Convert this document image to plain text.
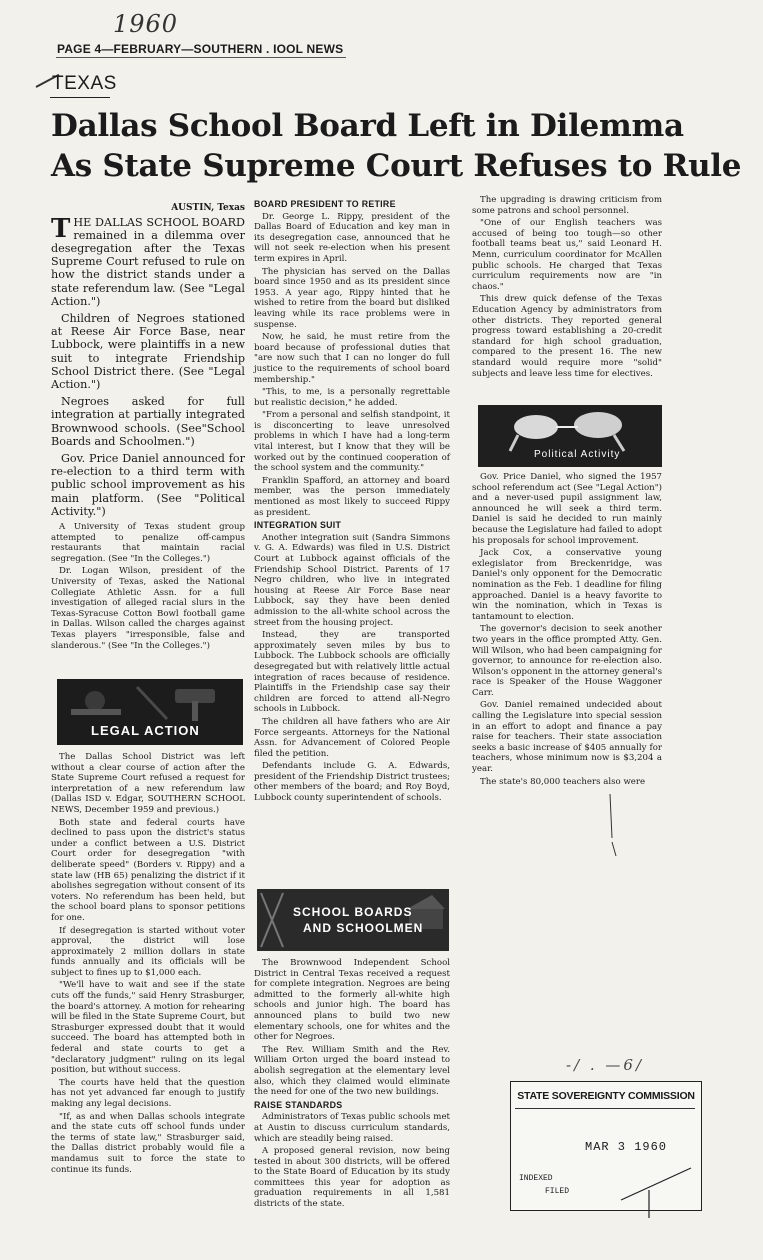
1960
PAGE 4—FEBRUARY—SOUTHERN . IOOL NEWS
TEXAS
Dallas School Board Left in Dilemma
As State Supreme Court Refuses to Rule
AUSTIN, Texas

THE DALLAS SCHOOL BOARD remained in a dilemma over desegregation after the Texas Supreme Court refused to rule on how the district stands under a state referendum law. (See "Legal Action.")

Children of Negroes stationed at Reese Air Force Base, near Lubbock, were plaintiffs in a new suit to integrate Friendship School District there. (See "Legal Action.")

Negroes asked for full integration at partially integrated Brownwood schools. (See"School Boards and Schoolmen.")

Gov. Price Daniel announced for re-election to a third term with public school improvement as his main platform. (See "Political Activity.")

A University of Texas student group attempted to penalize off-campus restaurants that maintain racial segregation. (See "In the Colleges.")

Dr. Logan Wilson, president of the University of Texas, asked the National Collegiate Athletic Assn. for a full investigation of alleged racial slurs in the Texas-Syracuse Cotton Bowl football game in Dallas. Wilson called the charges against Texas players "irresponsible, false and slanderous." (See "In the Colleges.")

LEGAL ACTION

The Dallas School District was left without a clear course of action after the State Supreme Court refused a request for interpretation of a new referendum law (Dallas ISD v. Edgar, SOUTHERN SCHOOL NEWS, December 1959 and previous.)

Both state and federal courts have declined to pass upon the district's status under a conflict between a U.S. District Court order for desegregation "with deliberate speed" (Borders v. Rippy) and a state law (HB 65) penalizing the district if it abolishes segregation without consent of its voters. No referendum has been held, but the school board plans to sponsor petitions for one.

If desegregation is started without voter approval, the district will lose approximately 2 million dollars in state funds annually and its officials will be subject to fines up to $1,000 each.

"We'll have to wait and see if the state cuts off the funds," said Henry Strasburger, the board's attorney. A motion for rehearing will be filed in the State Supreme Court, but Strasburger expressed doubt that it would succeed. The board has attempted both in federal and state courts to get a "declaratory judgment" ruling on its legal position, but without success.

The courts have held that the question has not yet advanced far enough to justify making any legal decisions.

"If, as and when Dallas schools integrate and the state cuts off school funds under the terms of state law," Strasburger said, the Dallas district probably would file a mandamus suit to force the state to continue its funds.

BOARD PRESIDENT TO RETIRE

Dr. George L. Rippy, president of the Dallas Board of Education and key man in its desegregation case, announced that he will not seek re-election when his present term expires in April.

The physician has served on the Dallas board since 1950 and as its president since 1953. A year ago, Rippy hinted that he wished to retire from the board but disliked leaving while its race problems were in suspense.

Now, he said, he must retire from the board because of professional duties that "are now such that I can no longer do full justice to the requirements of school board membership."

"This, to me, is a personally regrettable but realistic decision," he added.

"From a personal and selfish standpoint, it is disconcerting to leave unresolved problems in which I have had a long-term vital interest, but I know that they will be worked out by the continued cooperation of the school system and the community."

Franklin Spafford, an attorney and board member, was the person immediately mentioned as most likely to succeed Rippy as president.

INTEGRATION SUIT

Another integration suit (Sandra Simmons v. G. A. Edwards) was filed in U.S. District Court at Lubbock against officials of the Friendship School District. Parents of 17 Negro children, who live in integrated housing at Reese Air Force Base near Lubbock, say they have been denied admission to the all-white school across the street from the housing project.

Instead, they are transported approximately seven miles by bus to Lubbock. The Lubbock schools are officially desegregated but with relatively little actual integration of races because of residence. Plaintiffs in the Friendship case say their children are forced to attend all-Negro schools in Lubbock.

The children all have fathers who are Air Force sergeants. Attorneys for the National Assn. for Advancement of Colored People filed the petition.

Defendants include G. A. Edwards, president of the Friendship District trustees; other members of the board; and Roy Boyd, Lubbock county superintendent of schools.

SCHOOL BOARDS
AND SCHOOLMEN

The Brownwood Independent School District in Central Texas received a request for complete integration. Negroes are being admitted to the formerly all-white high schools and junior high. The board has announced plans to build two new elementary schools, one for whites and the other for Negroes.

The Rev. William Smith and the Rev. William Orton urged the board instead to abolish segregation at the elementary level also, which they claimed would eliminate the need for one of the two new buildings.

RAISE STANDARDS

Administrators of Texas public schools met at Austin to discuss curriculum standards, which are steadily being raised.

A proposed general revision, now being tested in about 300 districts, will be offered to the State Board of Education by its study committees this year for adoption as graduation requirements in all 1,581 districts of the state.

The upgrading is drawing criticism from some patrons and school personnel.

"One of our English teachers was accused of being too tough—so other football teams beat us," said Leonard H. Menn, curriculum coordinator for McAllen public schools. He charged that Texas curriculum requirements now are "in chaos."

This drew quick defense of the Texas Education Agency by administrators from other districts. They reported general progress toward establishing a 20-credit standard for high school graduation, compared to the present 16. The new standard would require more "solid" subjects and leave less time for electives.

Political Activity

Gov. Price Daniel, who signed the 1957 school referendum act (See "Legal Action") and a never-used pupil assignment law, announced he will seek a third term. Daniel is said he decided to run mainly because the Legislature had failed to adopt his proposals for school improvement.

Jack Cox, a conservative young exlegislator from Breckenridge, was Daniel's only opponent for the Democratic nomination as the Feb. 1 deadline for filing approached. Daniel is a heavy favorite to win the nomination, which in Texas is tantamount to election.

The governor's decision to seek another two years in the office prompted Atty. Gen. Will Wilson, who had been campaigning for governor, to announce for re-election also. Wilson's opponent in the attorney general's race is Speaker of the House Waggoner Carr.

Gov. Daniel remained undecided about calling the Legislature into special session in an effort to adopt and finance a pay raise for teachers. Their state association seeks a basic increase of $405 annually for teachers, whose minimum now is $3,204 a year.

The state's 80,000 teachers also were

-/ . —6/
STATE SOVEREIGNTY COMMISSION
MAR 3 1960
INDEXED
FILED
